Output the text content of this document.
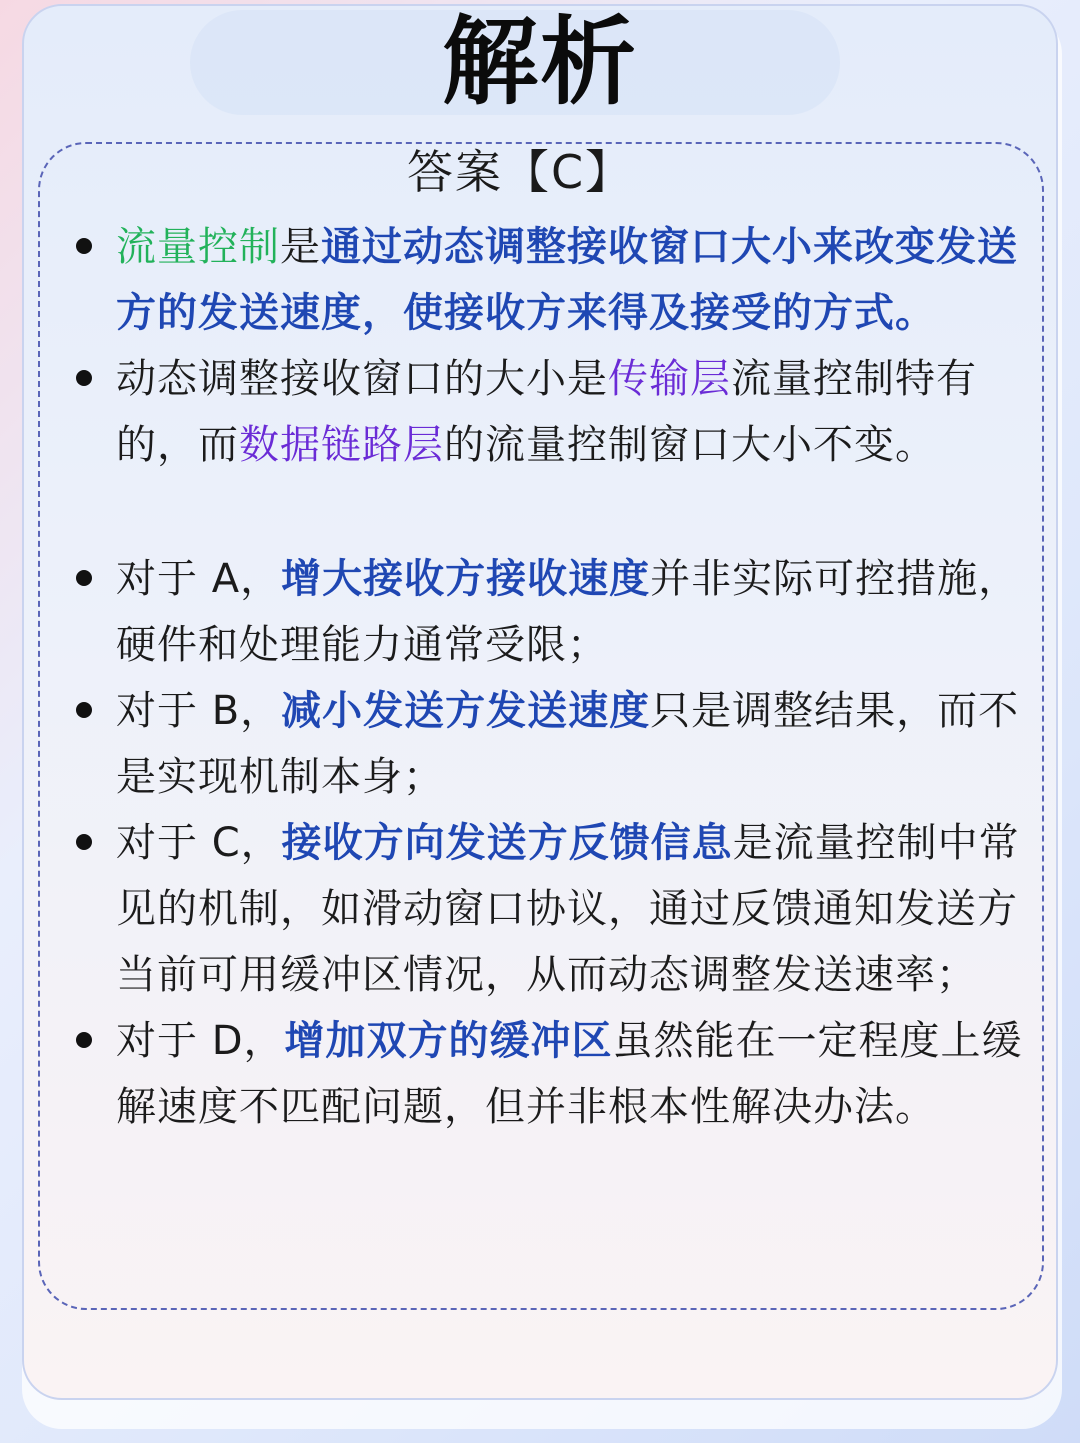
解析
答案【C】
流量控制是通过动态调整接收窗口大小来改变发送方的发送速度，使接收方来得及接受的方式。
动态调整接收窗口的大小是传输层流量控制特有的，而数据链路层的流量控制窗口大小不变。
对于 A，增大接收方接收速度并非实际可控措施，硬件和处理能力通常受限；
对于 B，减小发送方发送速度只是调整结果，而不是实现机制本身；
对于 C，接收方向发送方反馈信息是流量控制中常见的机制，如滑动窗口协议，通过反馈通知发送方当前可用缓冲区情况，从而动态调整发送速率；
对于 D，增加双方的缓冲区虽然能在一定程度上缓解速度不匹配问题，但并非根本性解决办法。
